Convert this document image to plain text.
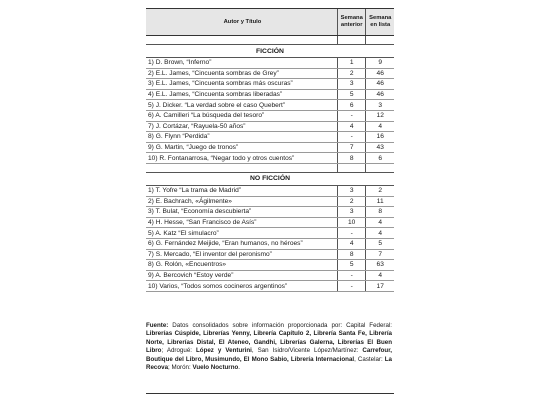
Autor y Título	Semana anterior	Semana en lista

FICCIÓN		
1) D. Brown, “Inferno”	1	9
2) E.L. James, “Cincuenta sombras de Grey”	2	46
3) E.L. James, “Cincuenta sombras más oscuras”	3	46
4) E.L. James, “Cincuenta sombras liberadas”	5	46
5) J. Dicker. “La verdad sobre el caso Quebert”	6	3
6) A. Camilleri “La búsqueda del tesoro”	-	12
7) J. Cortázar, “Rayuela-50 años”	4	4
8) G. Flynn “Perdida”	-	16
9) G. Martin, “Juego de tronos”	7	43
10) R. Fontanarrosa, “Negar todo y otros cuentos”	8	6

NO FICCIÓN		
1) T. Yofre “La trama de Madrid”	3	2
2) E. Bachrach, «Ágilmente»	2	11
3) T. Bulat, “Economía descubierta”	3	8
4) H. Hesse, “San Francisco de Asís”	10	4
5) A. Katz “El simulacro”	-	4
6) G. Fernández Meijide, “Eran humanos, no héroes”	4	5
7) S. Mercado, “El inventor del peronismo”	8	7
8) G. Rolón, «Encuentros»	5	63
9) A. Bercovich “Estoy verde”	-	4
10) Varios, “Todos somos cocineros argentinos”	-	17

Fuente: Datos consolidados sobre información proporcionada por: Capital Federal: Librerías Cúspide, Librerías Yenny, Librería Capítulo 2, Librería Santa Fe, Librería Norte, Librerías Distal, El Ateneo, Gandhi, Librerías Galerna, Librerías El Buen Libro; Adrogué: López y Venturini, San Isidro/Vicente López/Martínez: Carrefour, Boutique del Libro, Musimundo, El Mono Sabio, Librería Internacional, Castelar: La Recova; Morón: Vuelo Nocturno.
